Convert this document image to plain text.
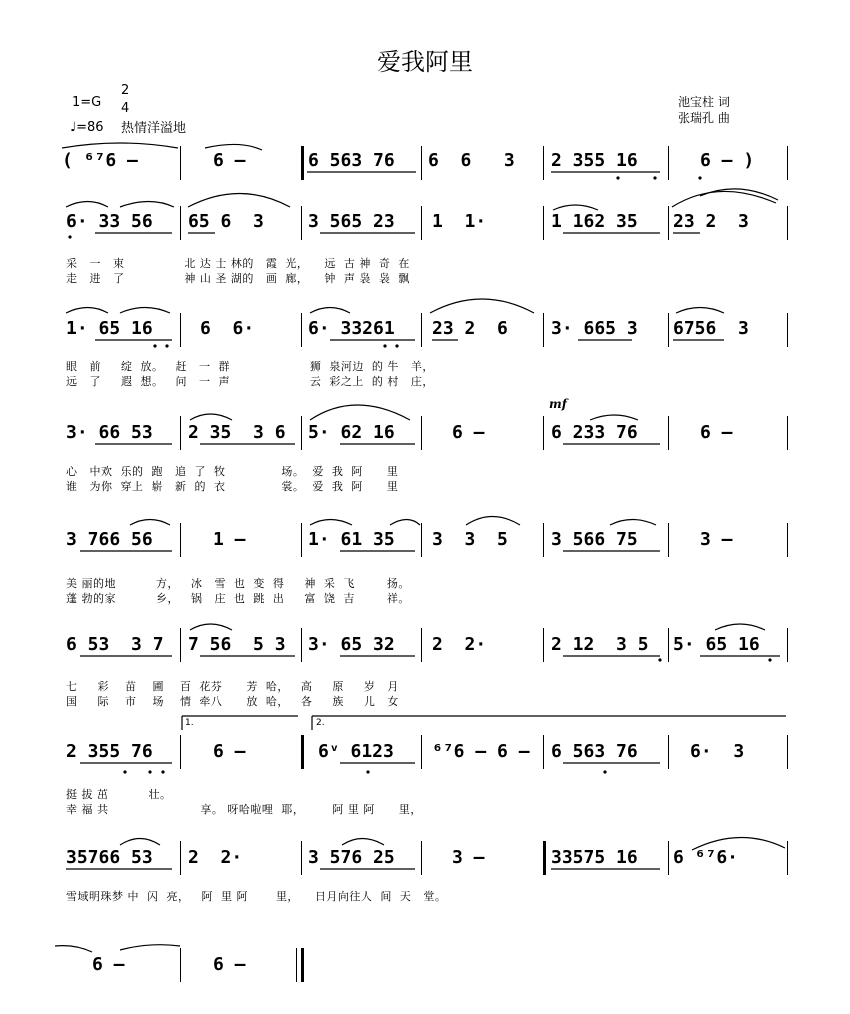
爱我阿里
1=G
2
4
♩=86 热情洋溢地
池宝柱 词
张瑞孔 曲
( ⁶⁷6 –	6 –	6 563 76 6  6   3 2 355 16	6 – )
6· 33 56 65 6  3 3 565 23 1  1·	1 162 35 23 2  3
采   一   束               北 达 士 林的   霞  光，    远  古 神  奇  在
走   进   了               神 山 圣 湖的   画  廊，    钟  声 袅  袅  飘
1· 65 16	6  6·	6· 33261 23 2  6 3· 665 3 6756  3
眼   前     绽  放。   赶   一  群                    狮  泉河边  的 牛   羊，
远   了     遐  想。   问   一  声                    云  彩之上  的 村   庄，
mf
3· 66 53 2 35  3 6 5· 62 16	6 –	6 233 76	6 –
心   中欢  乐的  跑   追  了  牧              场。  爱  我  阿      里
谁   为你  穿上  崭   新  的  衣              裳。  爱  我  阿      里
3 766 56	1 –	1· 61 35 3  3  5 3 566 75	3 –
美 丽的地          方，   冰   雪  也  变  得     神  采  飞        扬。
蓬 勃的家          乡，   锅   庄  也  跳  出     富  饶  吉        祥。
6 53  3 7 7 56  5 3 3· 65 32 2  2·	2 12  3 5 5· 65 16
七     彩    苗    圃    百  花芬      芳  哈，   高     原     岁   月
国     际    市    场    情  牵八      放  哈，   各     族     儿   女
1.	2.
2 355 76	6 –	6ᵛ 6123 ⁶⁷6 – 6 – 6 563 76	6·  3
挺 拔 茁          壮。
幸 福 共                       享。 呀哈啦哩  耶，       阿 里 阿      里，
35766 53 2  2·	3 576 25	3 –	33575 16 6 ⁶⁷6·
雪域明珠梦 中  闪  亮，   阿  里 阿       里，    日月向往人  间  天   堂。
6 –	6 –
